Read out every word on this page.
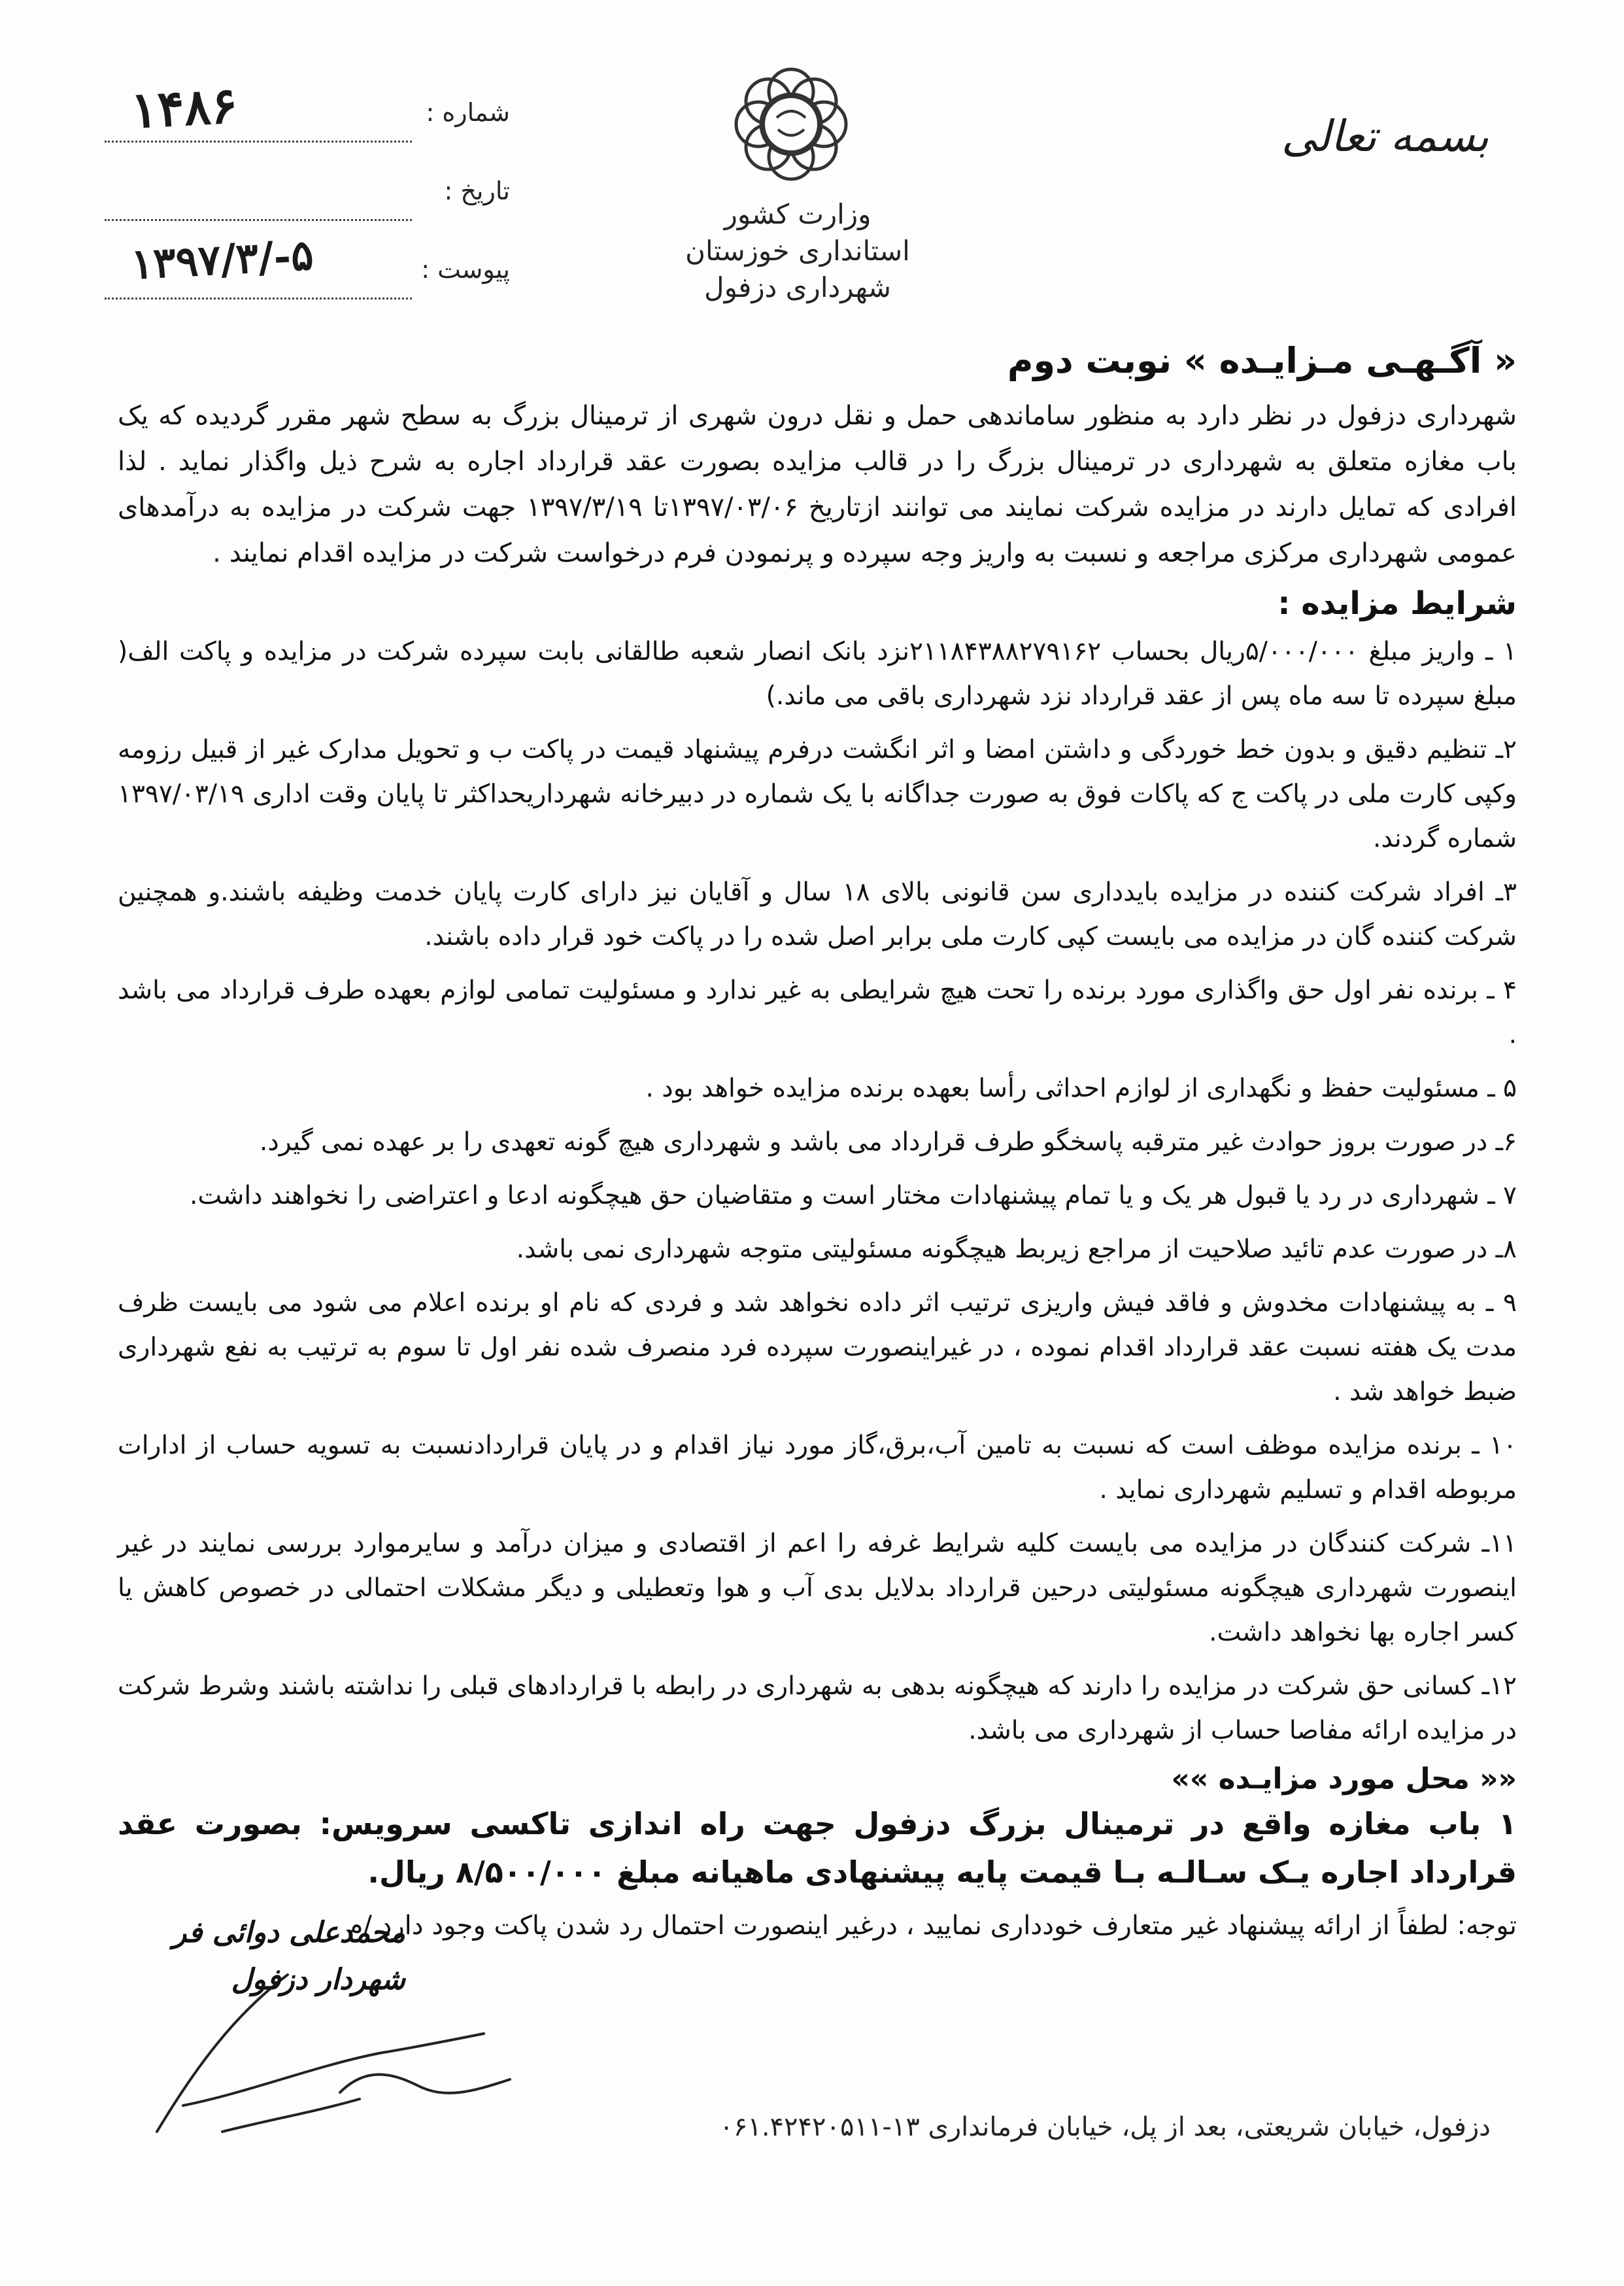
۱۴۸۶	شماره :
تاریخ :
۱۳۹۷/۳/-۵	پیوست :
وزارت کشور
استانداری خوزستان
شهرداری دزفول
بسمه تعالی
« آگـهـی مـزایـده » نوبت دوم
شهرداری دزفول در نظر دارد به منظور ساماندهی حمل و نقل درون شهری از ترمینال بزرگ به سطح شهر مقرر گردیده که یک باب مغازه متعلق به شهرداری در ترمینال بزرگ را در قالب مزایده بصورت عقد قرارداد اجاره به شرح ذیل واگذار نماید . لذا افرادی که تمایل دارند در مزایده شرکت نمایند می توانند ازتاریخ ۱۳۹۷/۰۳/۰۶تا ۱۳۹۷/۳/۱۹ جهت شرکت در مزایده به درآمدهای عمومی شهرداری مرکزی مراجعه و نسبت به واریز وجه سپرده و پرنمودن فرم درخواست شرکت در مزایده اقدام نمایند .
شرایط مزایده :
۱ ـ واریز مبلغ ۵/۰۰۰/۰۰۰ریال بحساب ۲۱۱۸۴۳۸۸۲۷۹۱۶۲نزد بانک انصار شعبه طالقانی بابت سپرده شرکت در مزایده و پاکت الف( مبلغ سپرده تا سه ماه پس از عقد قرارداد نزد شهرداری باقی می ماند.)
۲ـ تنظیم دقیق و بدون خط خوردگی و داشتن امضا و اثر انگشت درفرم پیشنهاد قیمت در پاکت ب و تحویل مدارک غیر از قبیل رزومه وکپی کارت ملی در پاکت ج که پاکات فوق به صورت جداگانه با یک شماره در دبیرخانه شهرداریحداکثر تا پایان وقت اداری ۱۳۹۷/۰۳/۱۹ شماره گردند.
۳ـ افراد شرکت کننده در مزایده بایدداری سن قانونی بالای ۱۸ سال و آقایان نیز دارای کارت پایان خدمت وظیفه باشند.و همچنین شرکت کننده گان در مزایده می بایست کپی کارت ملی برابر اصل شده را در پاکت خود قرار داده باشند.
۴ ـ برنده نفر اول حق واگذاری مورد برنده را تحت هیچ شرایطی به غیر ندارد و مسئولیت تمامی لوازم بعهده طرف قرارداد می باشد .
۵ ـ مسئولیت حفظ و نگهداری از لوازم احداثی رأسا بعهده برنده مزایده خواهد بود .
۶ـ در صورت بروز حوادث غیر مترقبه پاسخگو طرف قرارداد می باشد و شهرداری هیچ گونه تعهدی را بر عهده نمی گیرد.
۷ ـ شهرداری در رد یا قبول هر یک و یا تمام پیشنهادات مختار است و متقاضیان حق هیچگونه ادعا و اعتراضی را نخواهند داشت.
۸ـ در صورت عدم تائید صلاحیت از مراجع زیربط هیچگونه مسئولیتی متوجه شهرداری نمی باشد.
۹ ـ به پیشنهادات مخدوش و فاقد فیش واریزی ترتیب اثر داده نخواهد شد و فردی که نام او برنده اعلام می شود می بایست ظرف مدت یک هفته نسبت عقد قرارداد اقدام نموده ، در غیراینصورت سپرده فرد منصرف شده نفر اول تا سوم به ترتیب به نفع شهرداری ضبط خواهد شد .
۱۰ ـ برنده مزایده موظف است که نسبت به تامین آب،برق،گاز مورد نیاز اقدام و در پایان قراردادنسبت به تسویه حساب از ادارات مربوطه اقدام و تسلیم شهرداری نماید .
۱۱ـ شرکت کنندگان در مزایده می بایست کلیه شرایط غرفه را اعم از اقتصادی و میزان درآمد و سایرموارد بررسی نمایند در غیر اینصورت شهرداری هیچگونه مسئولیتی درحین قرارداد بدلایل بدی آب و هوا وتعطیلی و دیگر مشکلات احتمالی در خصوص کاهش یا کسر اجاره بها نخواهد داشت.
۱۲ـ کسانی حق شرکت در مزایده را دارند که هیچگونه بدهی به شهرداری در رابطه با قراردادهای قبلی را نداشته باشند وشرط شرکت در مزایده ارائه مفاصا حساب از شهرداری می باشد.
«« محل مورد مزایـده »»
۱ باب مغازه واقع در ترمینال بزرگ دزفول جهت راه اندازی تاکسی سرویس: بصورت عقد قرارداد اجاره یـک سـالـه بـا قیمت پایه پیشنهادی ماهیانه مبلغ ۸/۵۰۰/۰۰۰ ریال.
توجه: لطفاً از ارائه پیشنهاد غیر متعارف خودداری نمایید ، درغیر اینصورت احتمال رد شدن پاکت وجود دارد./م
محمدعلی دوائی فر
شهردار دزفول
دزفول، خیابان شریعتی، بعد از پل، خیابان فرمانداری ۱۳-۰۶۱.۴۲۴۲۰۵۱۱
